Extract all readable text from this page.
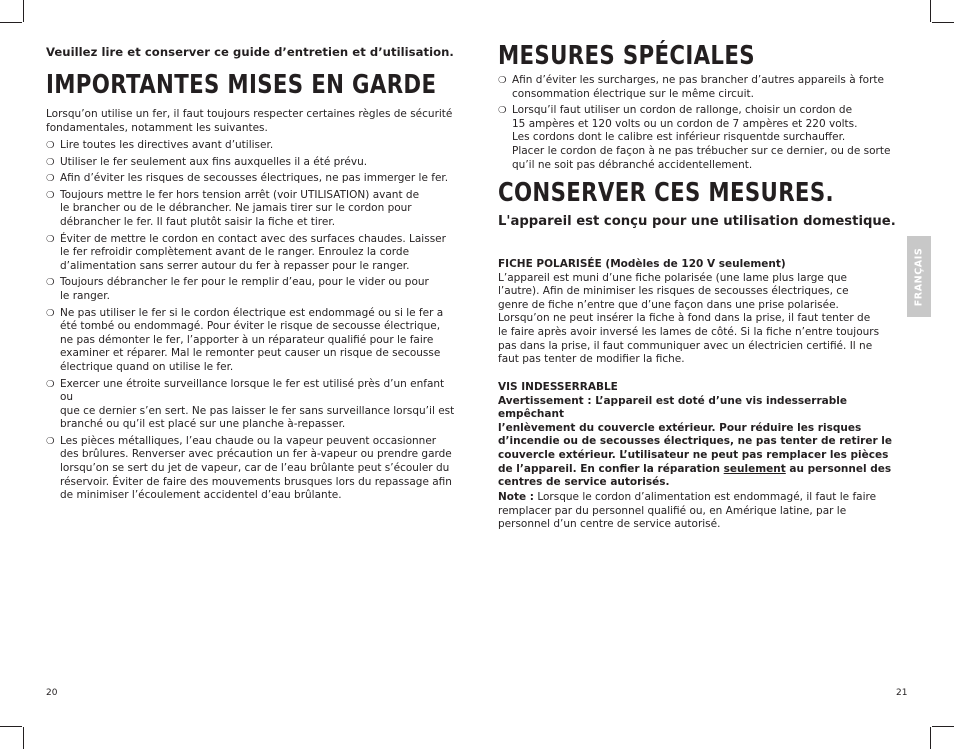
Veuillez lire et conserver ce guide d’entretien et d’utilisation.
IMPORTANTES MISES EN GARDE

Lorsqu’on utilise un fer, il faut toujours respecter certaines règles de sécurité fondamentales, notamment les suivantes.

❍ Lire toutes les directives avant d’utiliser.
❍ Utiliser le fer seulement aux fins auxquelles il a été prévu.
❍ Afin d’éviter les risques de secousses électriques, ne pas immerger le fer.
❍ Toujours mettre le fer hors tension arrêt (voir UTILISATION) avant de
le brancher ou de le débrancher. Ne jamais tirer sur le cordon pour
débrancher le fer. Il faut plutôt saisir la fiche et tirer.
❍ Éviter de mettre le cordon en contact avec des surfaces chaudes. Laisser
le fer refroidir complètement avant de le ranger. Enroulez la corde
d’alimentation sans serrer autour du fer à repasser pour le ranger.
❍ Toujours débrancher le fer pour le remplir d’eau, pour le vider ou pour
le ranger.
❍ Ne pas utiliser le fer si le cordon électrique est endommagé ou si le fer a
été tombé ou endommagé. Pour éviter le risque de secousse électrique,
ne pas démonter le fer, l’apporter à un réparateur qualifié pour le faire
examiner et réparer. Mal le remonter peut causer un risque de secousse
électrique quand on utilise le fer.
❍ Exercer une étroite surveillance lorsque le fer est utilisé près d’un enfant ou
que ce dernier s’en sert. Ne pas laisser le fer sans surveillance lorsqu’il est
branché ou qu’il est placé sur une planche à-repasser.
❍ Les pièces métalliques, l’eau chaude ou la vapeur peuvent occasionner
des brûlures. Renverser avec précaution un fer à-vapeur ou prendre garde
lorsqu’on se sert du jet de vapeur, car de l’eau brûlante peut s’écouler du
réservoir. Éviter de faire des mouvements brusques lors du repassage afin
de minimiser l’écoulement accidentel d’eau brûlante.
MESURES SPÉCIALES
❍ Afin d’éviter les surcharges, ne pas brancher d’autres appareils à forte
consommation électrique sur le même circuit.
❍ Lorsqu’il faut utiliser un cordon de rallonge, choisir un cordon de
15 ampères et 120 volts ou un cordon de 7 ampères et 220 volts.
Les cordons dont le calibre est inférieur risquentde surchauffer.
Placer le cordon de façon à ne pas trébucher sur ce dernier, ou de sorte
qu’il ne soit pas débranché accidentellement.
CONSERVER CES MESURES.
L'appareil est conçu pour une utilisation domestique.
FICHE POLARISÉE (Modèles de 120 V seulement)
L’appareil est muni d’une fiche polarisée (une lame plus large que
l’autre). Afin de minimiser les risques de secousses électriques, ce
genre de fiche n’entre que d’une façon dans une prise polarisée.
Lorsqu’on ne peut insérer la fiche à fond dans la prise, il faut tenter de
le faire après avoir inversé les lames de côté. Si la fiche n’entre toujours
pas dans la prise, il faut communiquer avec un électricien certifié. Il ne
faut pas tenter de modifier la fiche.
VIS INDESSERRABLE
Avertissement : L’appareil est doté d’une vis indesserrable empêchant
l’enlèvement du couvercle extérieur. Pour réduire les risques
d’incendie ou de secousses électriques, ne pas tenter de retirer le
couvercle extérieur. L’utilisateur ne peut pas remplacer les pièces
de l’appareil. En confier la réparation seulement au personnel des
centres de service autorisés.
Note : Lorsque le cordon d’alimentation est endommagé, il faut le faire
remplacer par du personnel qualifié ou, en Amérique latine, par le
personnel d’un centre de service autorisé.
FRANÇAIS
20	21
